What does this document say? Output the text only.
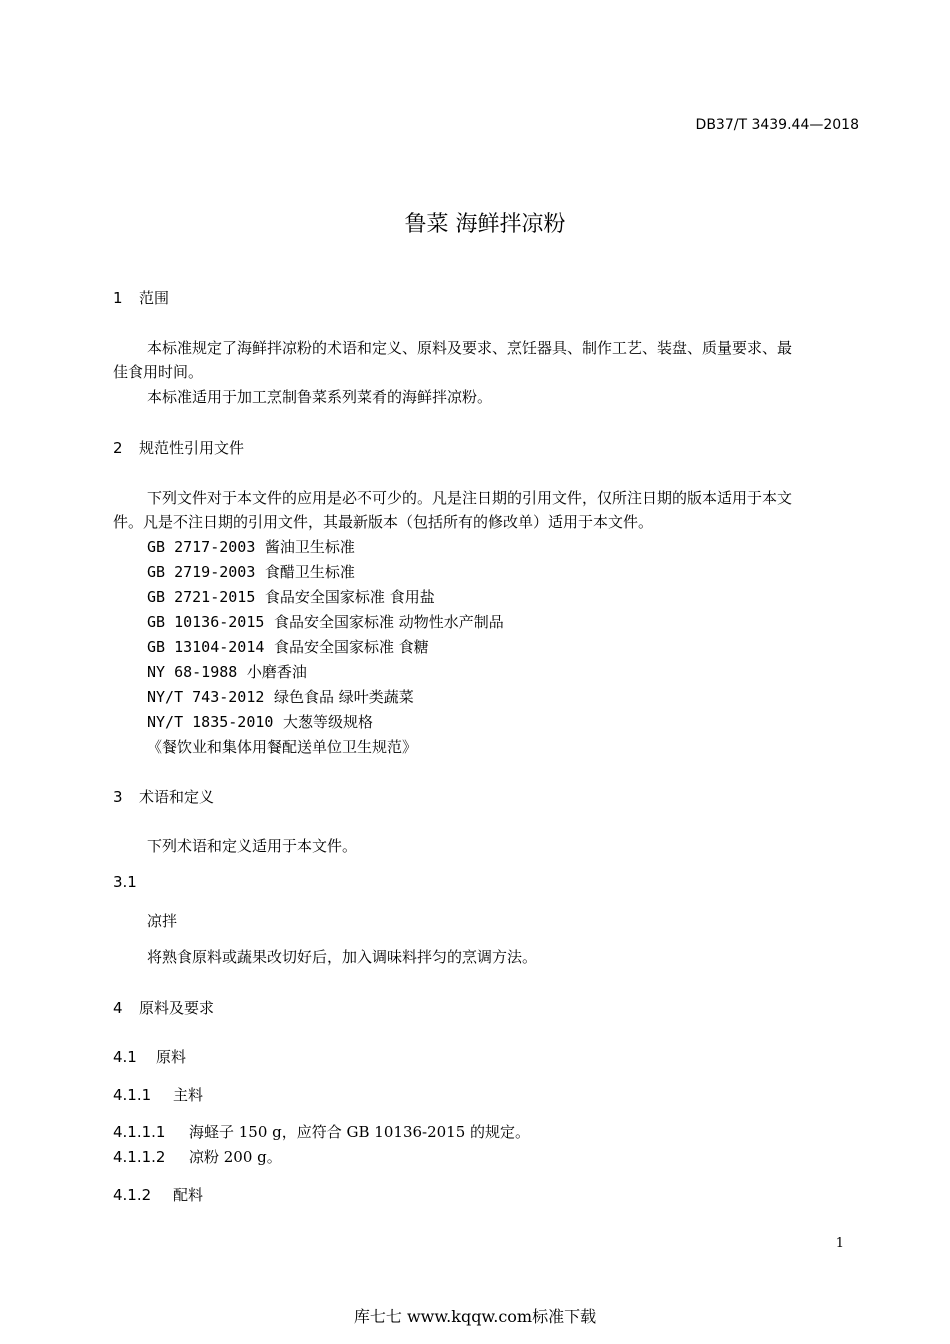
DB37/T 3439.44—2018
鲁菜 海鲜拌凉粉
1 范围
本标准规定了海鲜拌凉粉的术语和定义、原料及要求、烹饪器具、制作工艺、装盘、质量要求、最
佳食用时间。
本标准适用于加工烹制鲁菜系列菜肴的海鲜拌凉粉。
2 规范性引用文件
下列文件对于本文件的应用是必不可少的。凡是注日期的引用文件，仅所注日期的版本适用于本文
件。凡是不注日期的引用文件，其最新版本（包括所有的修改单）适用于本文件。
GB 2717-2003 酱油卫生标准
GB 2719-2003 食醋卫生标准
GB 2721-2015 食品安全国家标准 食用盐
GB 10136-2015 食品安全国家标准 动物性水产制品
GB 13104-2014 食品安全国家标准 食糖
NY 68-1988 小磨香油
NY/T 743-2012 绿色食品 绿叶类蔬菜
NY/T 1835-2010 大葱等级规格
《餐饮业和集体用餐配送单位卫生规范》
3 术语和定义
下列术语和定义适用于本文件。
3.1
凉拌
将熟食原料或蔬果改切好后，加入调味料拌匀的烹调方法。
4 原料及要求
4.1 原料
4.1.1 主料
4.1.1.1 海蛏子 150 g，应符合 GB 10136-2015 的规定。
4.1.1.2 凉粉 200 g。
4.1.2 配料
1
库七七 www.kqqw.com标准下载
